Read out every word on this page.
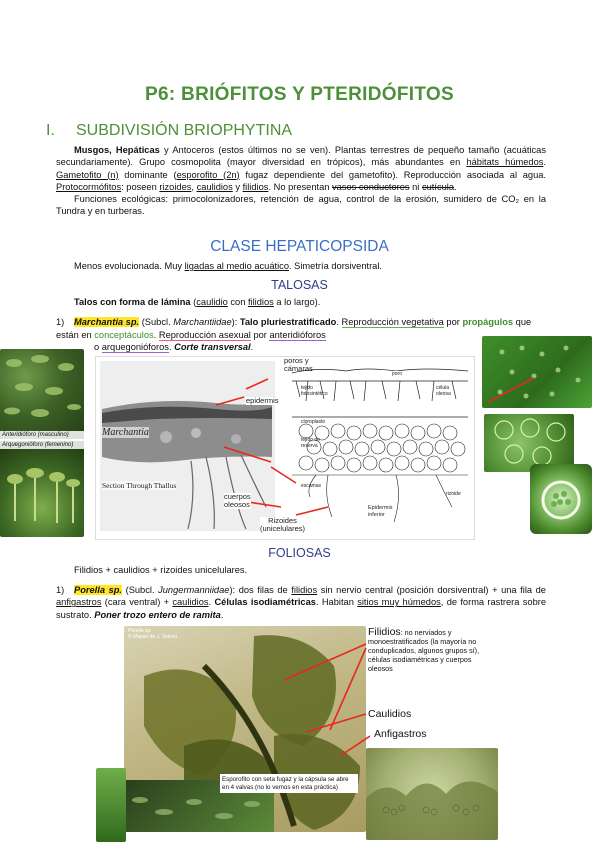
P6: BRIÓFITOS Y PTERIDÓFITOS
I. SUBDIVISIÓN BRIOPHYTINA

Musgos, Hepáticas y Antoceros (estos últimos no se ven). Plantas terrestres de pequeño tamaño (acuáticas secundariamente). Grupo cosmopolita (mayor diversidad en trópicos), más abundantes en hábitats húmedos. Gametofito (n) dominante (esporofito (2n) fugaz dependiente del gametofito). Reproducción asociada al agua. Protocormófitos: poseen rizoides, caulidios y filidios. No presentan vasos conductores ni cutícula.

Funciones ecológicas: primocolonizadores, retención de agua, control de la erosión, sumidero de CO₂ en la Tundra y en turberas.

CLASE HEPATICOPSIDA

Menos evolucionada. Muy ligadas al medio acuático. Simetría dorsiventral.

TALOSAS

Talos con forma de lámina (caulidio con filidios a lo largo).

1) Marchantia sp. (Subcl. Marchantiidae): Talo pluriestratificado. Reproducción vegetativa por propágulos que están en conceptáculos. Reproducción asexual por anteridióforos
o arquegonióforos. Corte transversal.
Anteridióforo (masculino)
Arquegonióforo (femenino)
poros y
cámaras
epidermis
Marchantia
Section Through Thallus
cuerpos
oleosos
Rizoides
(unicelulares)
tejido
fotosintético
cloroplasto
tejido de
reserva
escamas
Epidermis
inferior
rizoide
poro
célula
oleosa
FOLIOSAS

Filidios + caulidios + rizoides unicelulares.

1) Porella sp. (Subcl. Jungermanniidae): dos filas de filidios sin nervio central (posición dorsiventral) + una fila de anfigastros (cara ventral) + caulidios. Células isodiamétricas. Habitan sitios muy húmedos, de forma rastrera sobre sustrato. Poner trozo entero de ramita.
Porella sp.
© Mapas de J. Selosa
Esporofito con seta fugaz y la cápsula se abre en 4 valvas (no lo vemos en esta práctica)
Filidios: no nerviados y monoestratificados (la mayoría no conduplicados, algunos grupos sí), células isodiamétricas y cuerpos oleosos
Caulidios
Anfigastros
